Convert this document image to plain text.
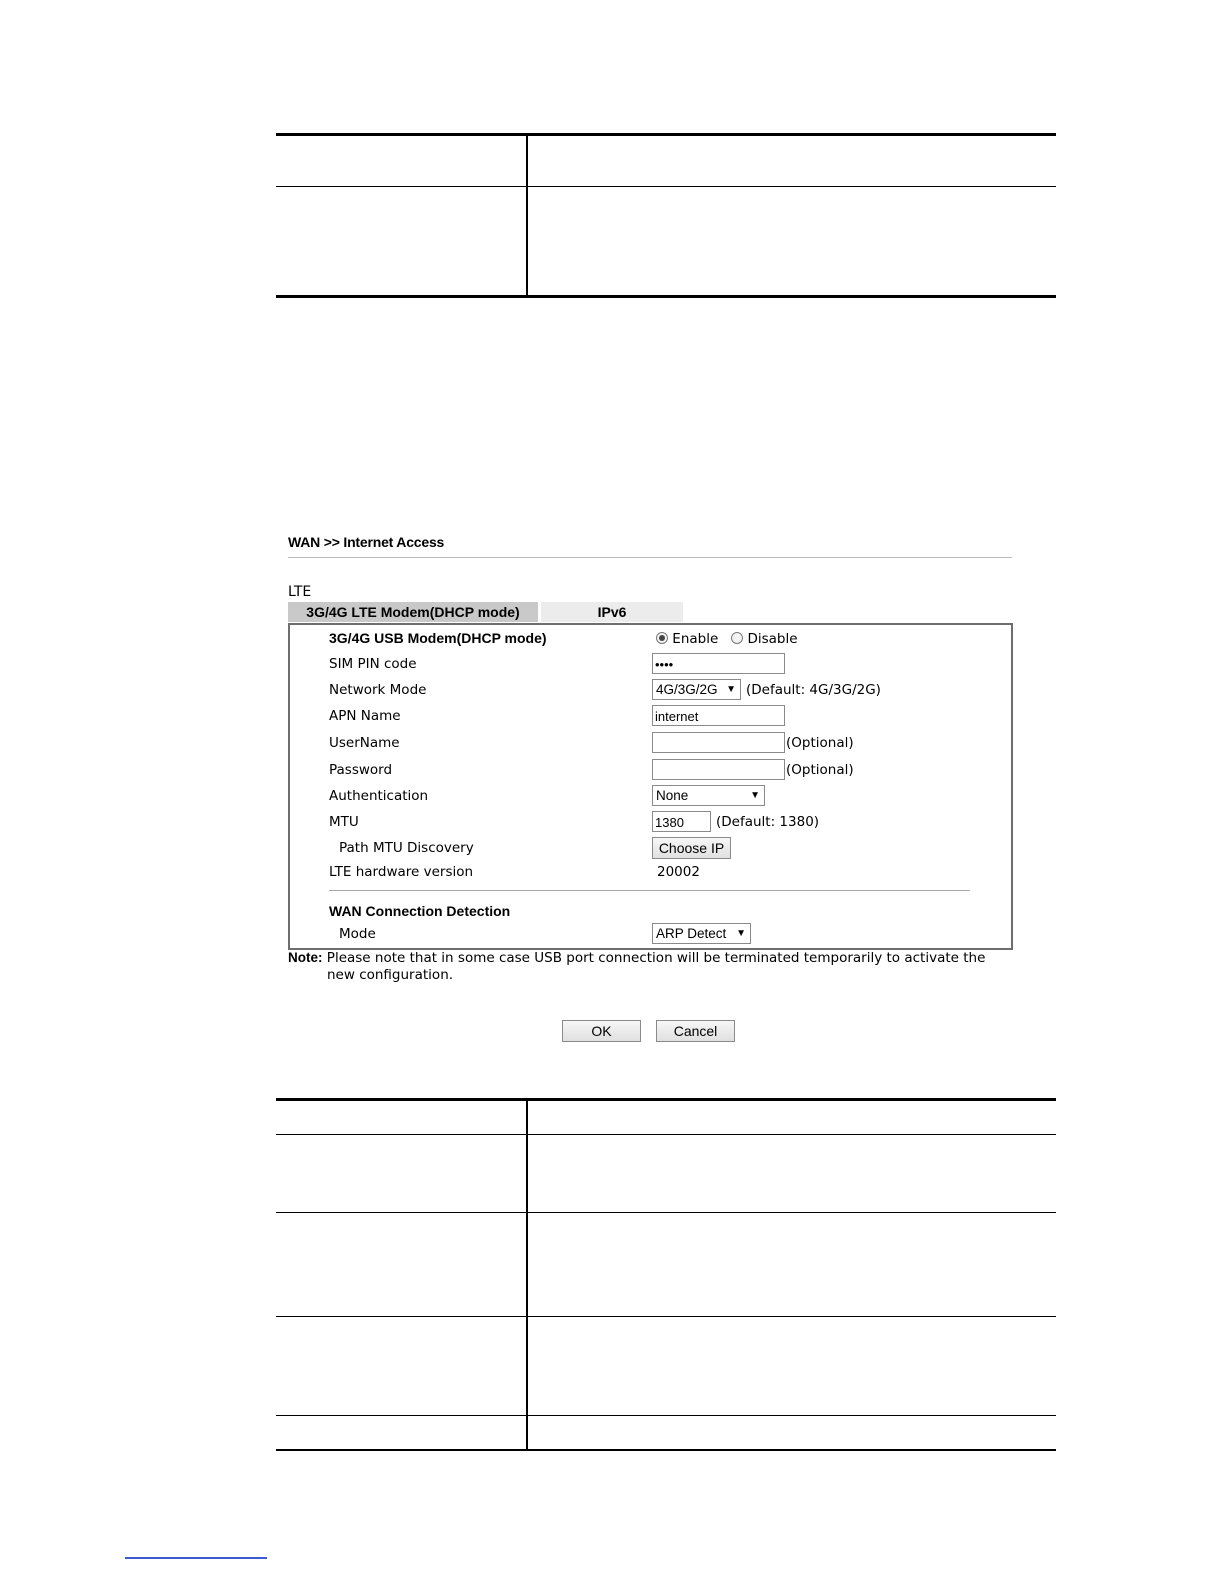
WAN >> Internet Access
LTE
3G/4G LTE Modem(DHCP mode)	IPv6
3G/4G USB Modem(DHCP mode)	Enable Disable
SIM PIN code	••••
Network Mode	4G/3G/2G ▼ (Default: 4G/3G/2G)
APN Name	internet
UserName	(Optional)
Password	(Optional)
Authentication	None	▼
MTU	1380	(Default: 1380)
Path MTU Discovery	Choose IP
LTE hardware version	20002
WAN Connection Detection
Mode	ARP Detect ▼
Note: Please note that in some case USB port connection will be terminated temporarily to activate the
new configuration.
OK	Cancel
